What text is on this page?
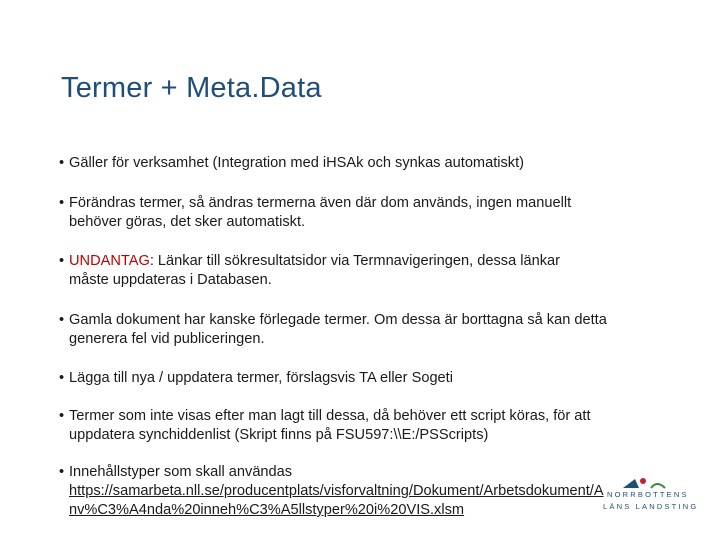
Termer + Meta.Data
• Gäller för verksamhet (Integration med iHSAk och synkas automatiskt)
• Förändras termer, så ändras termerna även där dom används, ingen manuellt
behöver göras, det sker automatiskt.
• UNDANTAG: Länkar till sökresultatsidor via Termnavigeringen, dessa länkar
måste uppdateras i Databasen.
• Gamla dokument har kanske förlegade termer. Om dessa är borttagna så kan detta
generera fel vid publiceringen.
• Lägga till nya / uppdatera termer, förslagsvis TA eller Sogeti
• Termer som inte visas efter man lagt till dessa, då behöver ett script köras, för att
uppdatera synchiddenlist (Skript finns på FSU597:\\E:/PSScripts)
• Innehållstyper som skall användas
https://samarbeta.nll.se/producentplats/visforvaltning/Dokument/Arbetsdokument/A
nv%C3%A4nda%20inneh%C3%A5llstyper%20i%20VIS.xlsm
NORRBOTTENS
LÄNS LANDSTING
